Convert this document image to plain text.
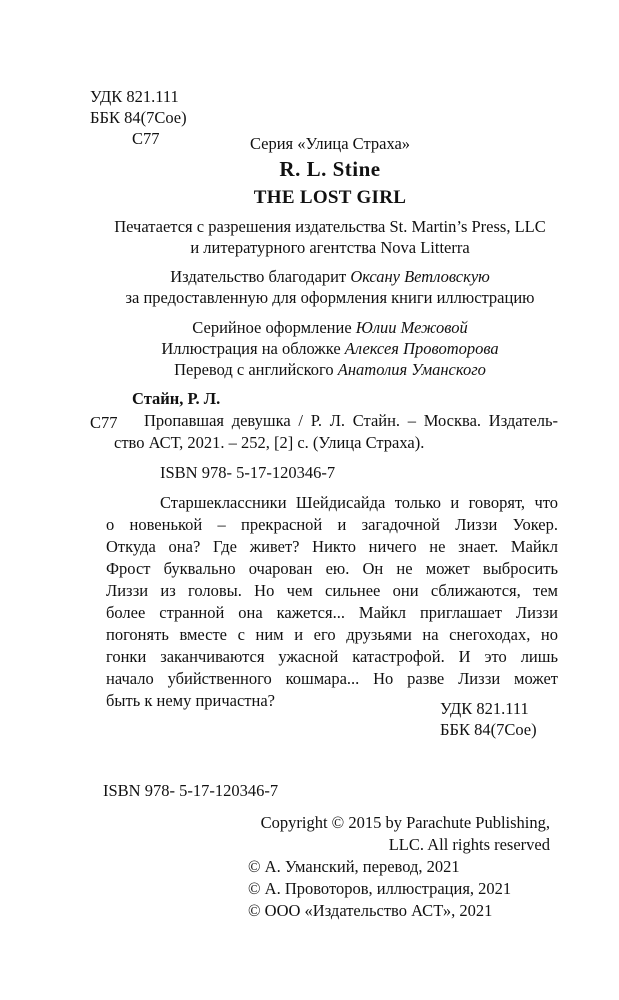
УДК 821.111
ББК 84(7Сое)
С77	Серия «Улица Страха»
R. L. Stine
THE LOST GIRL
Печатается с разрешения издательства St. Martin’s Press, LLC
и литературного агентства Nova Litterra
Издательство благодарит Оксану Ветловскую
за предоставленную для оформления книги иллюстрацию
Серийное оформление Юлии Межовой
Иллюстрация на обложке Алексея Провоторова
Перевод с английского Анатолия Уманского
Стайн, Р. Л.
С77 Пропавшая девушка / Р. Л. Стайн. – Москва. Издатель-
ство АСТ, 2021. – 252, [2] с. (Улица Страха).
ISBN 978- 5-17-120346-7
Старшеклассники Шейдисайда только и говорят, что
о новенькой – прекрасной и загадочной Лиззи Уокер.
Откуда она? Где живет? Никто ничего не знает. Майкл
Фрост буквально очарован ею. Он не может выбросить
Лиззи из головы. Но чем сильнее они сближаются, тем
более странной она кажется... Майкл приглашает Лиззи
погонять вместе с ним и его друзьями на снегоходах, но
гонки заканчиваются ужасной катастрофой. И это лишь
начало убийственного кошмара... Но разве Лиззи может
быть к нему причастна?	УДК 821.111
ББК 84(7Сое)
ISBN 978- 5-17-120346-7
Copyright © 2015 by Parachute Publishing,
LLC. All rights reserved
© А. Уманский, перевод, 2021
© А. Провоторов, иллюстрация, 2021
© ООО «Издательство АСТ», 2021
